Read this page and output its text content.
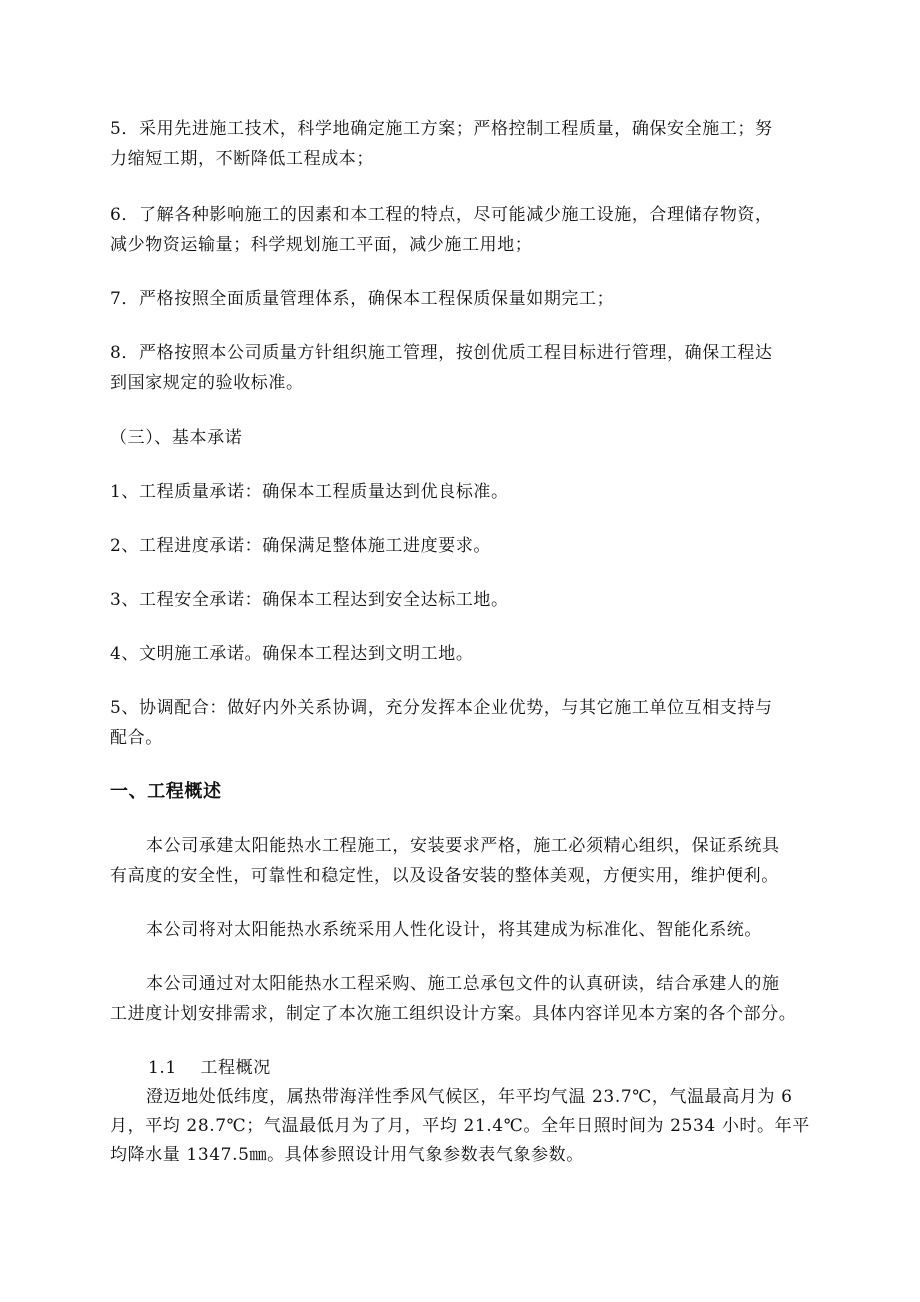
5．采用先进施工技术，科学地确定施工方案；严格控制工程质量，确保安全施工；努
力缩短工期，不断降低工程成本；
6．了解各种影响施工的因素和本工程的特点，尽可能减少施工设施，合理储存物资，
减少物资运输量；科学规划施工平面，减少施工用地；
7．严格按照全面质量管理体系，确保本工程保质保量如期完工；
8．严格按照本公司质量方针组织施工管理，按创优质工程目标进行管理，确保工程达
到国家规定的验收标准。
（三）、基本承诺
1、工程质量承诺：确保本工程质量达到优良标准。
2、工程进度承诺：确保满足整体施工进度要求。
3、工程安全承诺：确保本工程达到安全达标工地。
4、文明施工承诺。确保本工程达到文明工地。
5、协调配合：做好内外关系协调，充分发挥本企业优势，与其它施工单位互相支持与
配合。
一、工程概述
本公司承建太阳能热水工程施工，安装要求严格，施工必须精心组织，保证系统具
有高度的安全性，可靠性和稳定性，以及设备安装的整体美观，方便实用，维护便利。
本公司将对太阳能热水系统采用人性化设计，将其建成为标准化、智能化系统。
本公司通过对太阳能热水工程采购、施工总承包文件的认真研读，结合承建人的施
工进度计划安排需求，制定了本次施工组织设计方案。具体内容详见本方案的各个部分。
1.1　 工程概况
澄迈地处低纬度，属热带海洋性季风气候区，年平均气温 23.7℃，气温最高月为 6
月，平均 28.7℃；气温最低月为了月，平均 21.4℃。全年日照时间为 2534 小时。年平
均降水量 1347.5㎜。具体参照设计用气象参数表气象参数。
